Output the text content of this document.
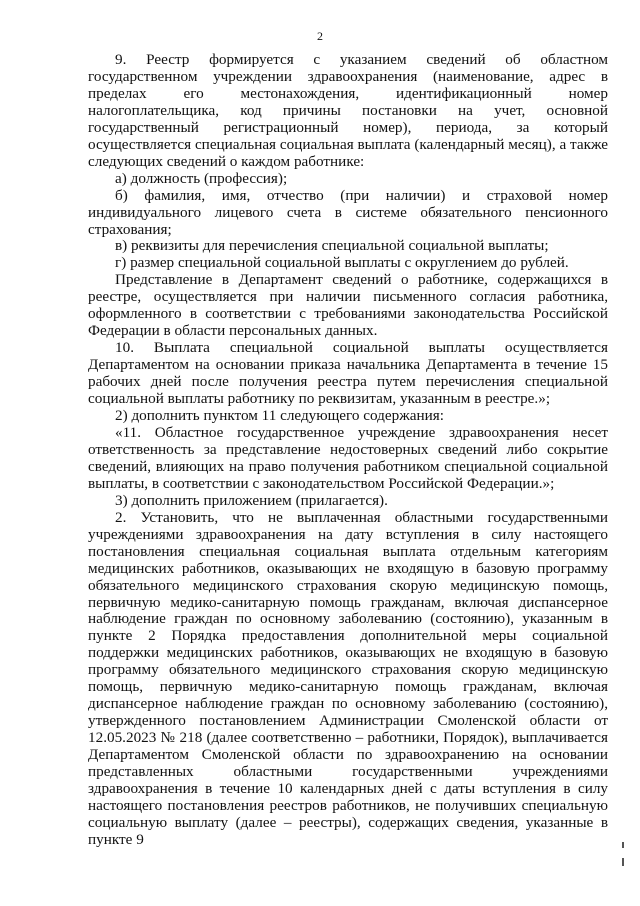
2

9. Реестр формируется с указанием сведений об областном государственном учреждении здравоохранения (наименование, адрес в пределах его местонахождения, идентификационный номер налогоплательщика, код причины постановки на учет, основной государственный регистрационный номер), периода, за который осуществляется специальная социальная выплата (календарный месяц), а также следующих сведений о каждом работнике:

а) должность (профессия);

б) фамилия, имя, отчество (при наличии) и страховой номер индивидуального лицевого счета в системе обязательного пенсионного страхования;

в) реквизиты для перечисления специальной социальной выплаты;

г) размер специальной социальной выплаты с округлением до рублей.

Представление в Департамент сведений о работнике, содержащихся в реестре, осуществляется при наличии письменного согласия работника, оформленного в соответствии с требованиями законодательства Российской Федерации в области персональных данных.

10. Выплата специальной социальной выплаты осуществляется Департаментом на основании приказа начальника Департамента в течение 15 рабочих дней после получения реестра путем перечисления специальной социальной выплаты работнику по реквизитам, указанным в реестре.»;

2) дополнить пунктом 11 следующего содержания:

«11. Областное государственное учреждение здравоохранения несет ответственность за представление недостоверных сведений либо сокрытие сведений, влияющих на право получения работником специальной социальной выплаты, в соответствии с законодательством Российской Федерации.»;

3) дополнить приложением (прилагается).

2. Установить, что не выплаченная областными государственными учреждениями здравоохранения на дату вступления в силу настоящего постановления специальная социальная выплата отдельным категориям медицинских работников, оказывающих не входящую в базовую программу обязательного медицинского страхования скорую медицинскую помощь, первичную медико-санитарную помощь гражданам, включая диспансерное наблюдение граждан по основному заболеванию (состоянию), указанным в пункте 2 Порядка предоставления дополнительной меры социальной поддержки медицинских работников, оказывающих не входящую в базовую программу обязательного медицинского страхования скорую медицинскую помощь, первичную медико-санитарную помощь гражданам, включая диспансерное наблюдение граждан по основному заболеванию (состоянию), утвержденного постановлением Администрации Смоленской области от 12.05.2023 № 218 (далее соответственно – работники, Порядок), выплачивается Департаментом Смоленской области по здравоохранению на основании представленных областными государственными учреждениями здравоохранения в течение 10 календарных дней с даты вступления в силу настоящего постановления реестров работников, не получивших специальную социальную выплату (далее – реестры), содержащих сведения, указанные в пункте 9
